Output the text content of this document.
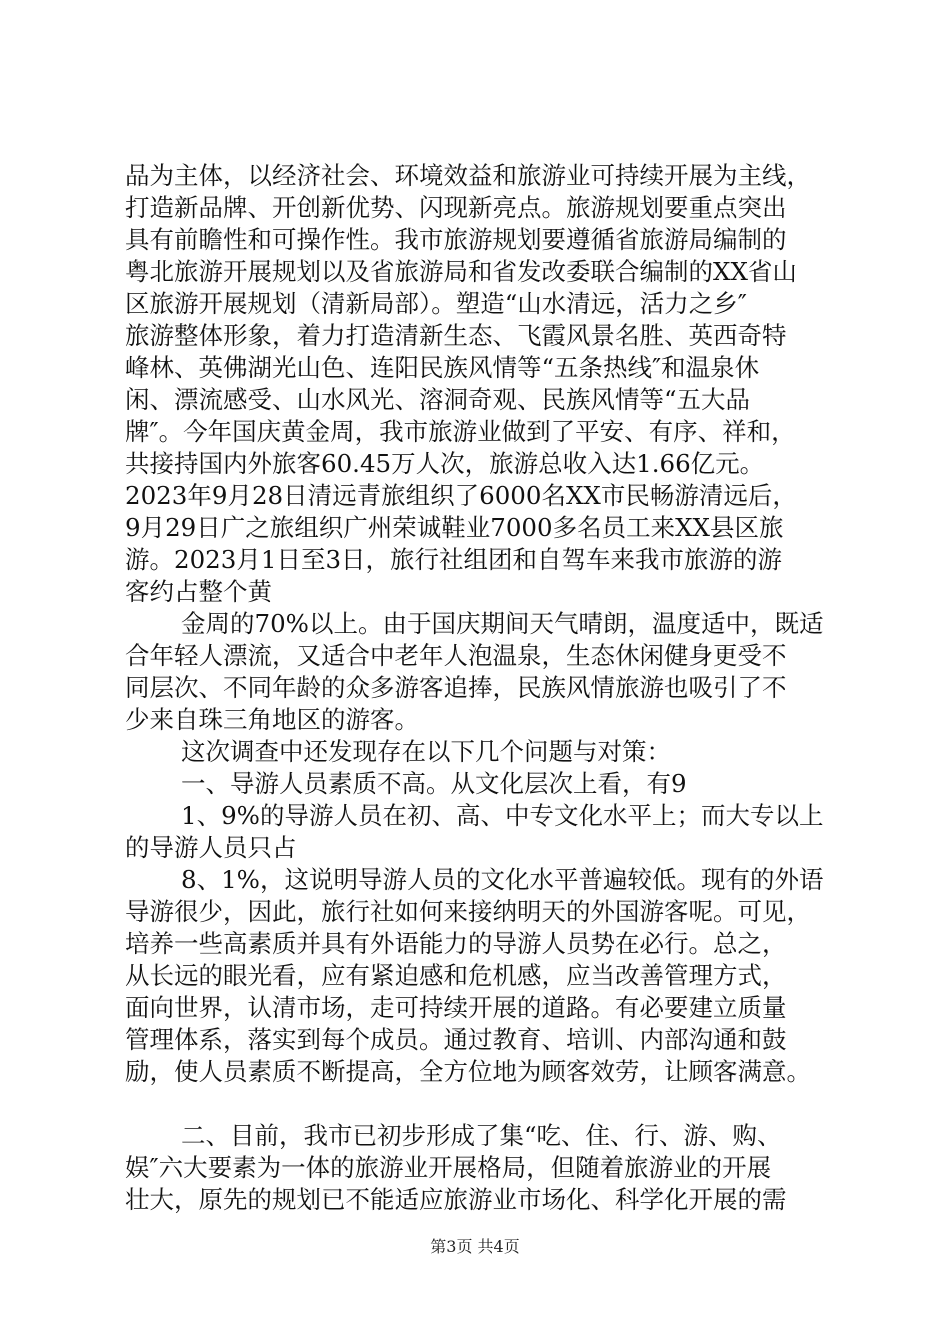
品为主体，以经济社会、环境效益和旅游业可持续开展为主线，
打造新品牌、开创新优势、闪现新亮点。旅游规划要重点突出
具有前瞻性和可操作性。我市旅游规划要遵循省旅游局编制的
粤北旅游开展规划以及省旅游局和省发改委联合编制的XX省山
区旅游开展规划（清新局部）。塑造“山水清远，活力之乡″
旅游整体形象，着力打造清新生态、飞霞风景名胜、英西奇特
峰林、英佛湖光山色、连阳民族风情等“五条热线″和温泉休
闲、漂流感受、山水风光、溶洞奇观、民族风情等“五大品
牌″。今年国庆黄金周，我市旅游业做到了平安、有序、祥和，
共接持国内外旅客60.45万人次，旅游总收入达1.66亿元。
2023年9月28日清远青旅组织了6000名XX市民畅游清远后，
9月29日广之旅组织广州荣诚鞋业7000多名员工来XX县区旅
游。2023月1日至3日，旅行社组团和自驾车来我市旅游的游
客约占整个黄
金周的70%以上。由于国庆期间天气晴朗，温度适中，既适
合年轻人漂流，又适合中老年人泡温泉，生态休闲健身更受不
同层次、不同年龄的众多游客追捧，民族风情旅游也吸引了不
少来自珠三角地区的游客。
这次调查中还发现存在以下几个问题与对策：
一、导游人员素质不高。从文化层次上看，有9
1、9%的导游人员在初、高、中专文化水平上；而大专以上
的导游人员只占
8、1%，这说明导游人员的文化水平普遍较低。现有的外语
导游很少，因此，旅行社如何来接纳明天的外国游客呢。可见，
培养一些高素质并具有外语能力的导游人员势在必行。总之，
从长远的眼光看，应有紧迫感和危机感，应当改善管理方式，
面向世界，认清市场，走可持续开展的道路。有必要建立质量
管理体系，落实到每个成员。通过教育、培训、内部沟通和鼓
励，使人员素质不断提高，全方位地为顾客效劳，让顾客满意。
二、目前，我市已初步形成了集“吃、住、行、游、购、
娱″六大要素为一体的旅游业开展格局，但随着旅游业的开展
壮大，原先的规划已不能适应旅游业市场化、科学化开展的需
第3页 共4页
